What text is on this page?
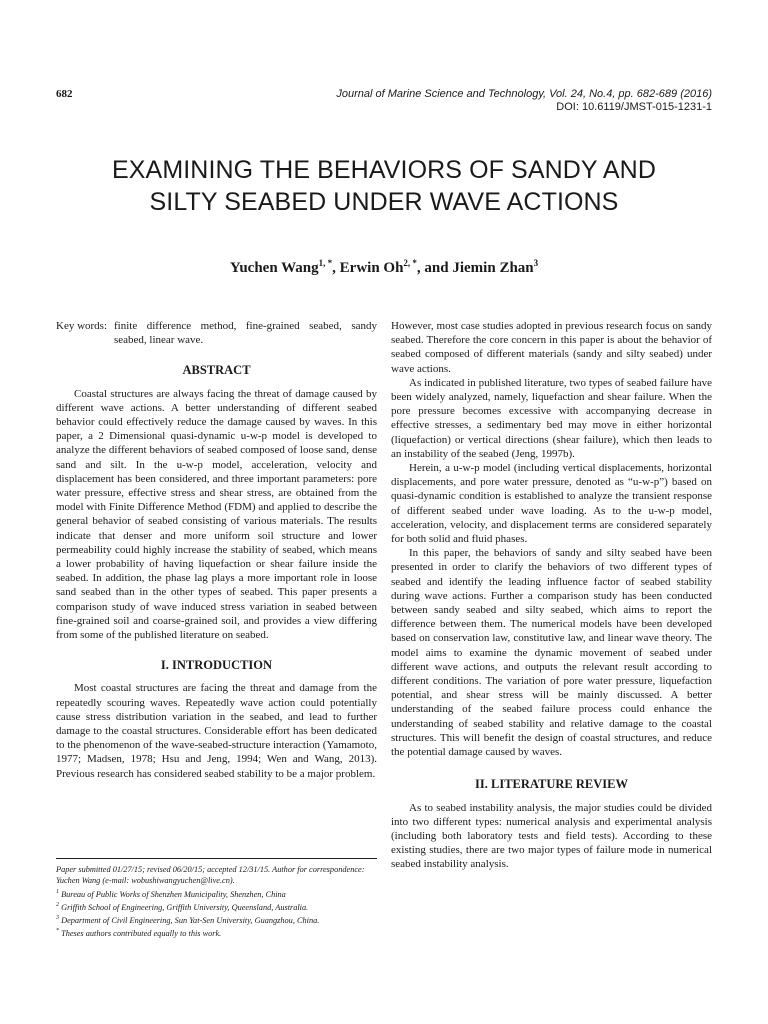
682	Journal of Marine Science and Technology, Vol. 24, No.4, pp. 682-689 (2016)
DOI: 10.6119/JMST-015-1231-1
EXAMINING THE BEHAVIORS OF SANDY AND
SILTY SEABED UNDER WAVE ACTIONS
Yuchen Wang$^{1, *}$, Erwin $Oh^{2, *}$, and Jiemin Zhan$^3$
Key words: finite difference method, fine-grained seabed, sandy seabed, linear wave.
ABSTRACT

Coastal structures are always facing the threat of damage caused by different wave actions. A better understanding of different seabed behavior could effectively reduce the damage caused by waves. In this paper, a 2 Dimensional quasi-dynamic u-w-p model is developed to analyze the different behaviors of seabed composed of loose sand, dense sand and silt. In the u-w-p model, acceleration, velocity and displacement has been considered, and three important parameters: pore water pressure, effective stress and shear stress, are obtained from the model with Finite Difference Method (FDM) and applied to describe the general behavior of seabed consisting of various materials. The results indicate that denser and more uniform soil structure and lower permeability could highly increase the stability of seabed, which means a lower probability of having liquefaction or shear failure inside the seabed. In addition, the phase lag plays a more important role in loose sand seabed than in the other types of seabed. This paper presents a comparison study of wave induced stress variation in seabed between fine-grained soil and coarse-grained soil, and provides a view differing from some of the published literature on seabed.

I. INTRODUCTION

Most coastal structures are facing the threat and damage from the repeatedly scouring waves. Repeatedly wave action could potentially cause stress distribution variation in the seabed, and lead to further damage to the coastal structures. Considerable effort has been dedicated to the phenomenon of the wave-seabed-structure interaction (Yamamoto, 1977; Madsen, 1978; Hsu and Jeng, 1994; Wen and Wang, 2013). Previous research has considered seabed stability to be a major problem.

However, most case studies adopted in previous research focus on sandy seabed. Therefore the core concern in this paper is about the behavior of seabed composed of different materials (sandy and silty seabed) under wave actions.

As indicated in published literature, two types of seabed failure have been widely analyzed, namely, liquefaction and shear failure. When the pore pressure becomes excessive with accompanying decrease in effective stresses, a sedimentary bed may move in either horizontal (liquefaction) or vertical directions (shear failure), which then leads to an instability of the seabed (Jeng, 1997b).

Herein, a u-w-p model (including vertical displacements, horizontal displacements, and pore water pressure, denoted as “u-w-p”) based on quasi-dynamic condition is established to analyze the transient response of different seabed under wave loading. As to the u-w-p model, acceleration, velocity, and displacement terms are considered separately for both solid and fluid phases.

In this paper, the behaviors of sandy and silty seabed have been presented in order to clarify the behaviors of two different types of seabed and identify the leading influence factor of seabed stability during wave actions. Further a comparison study has been conducted between sandy seabed and silty seabed, which aims to report the difference between them. The numerical models have been developed based on conservation law, constitutive law, and linear wave theory. The model aims to examine the dynamic movement of seabed under different wave actions, and outputs the relevant result according to different conditions. The variation of pore water pressure, liquefaction potential, and shear stress will be mainly discussed. A better understanding of the seabed failure process could enhance the understanding of seabed stability and relative damage to the coastal structures. This will benefit the design of coastal structures, and reduce the potential damage caused by waves.

II. LITERATURE REVIEW

As to seabed instability analysis, the major studies could be divided into two different types: numerical analysis and experimental analysis (including both laboratory tests and field tests). According to these existing studies, there are two major types of failure mode in numerical seabed instability analysis.

Paper submitted 01/27/15; revised 06/20/15; accepted 12/31/15. Author for correspondence: Yuchen Wang (e-mail: wobushiwangyuchen@live.cn).
$^1$ Bureau of Public Works of Shenzhen Municipality, Shenzhen, China
$^2$ Griffith School of Engineering, Griffith University, Queensland, Australia.
$^3$ Department of Civil Engineering, Sun Yat-Sen University, Guangzhou, China.
* Theses authors contributed equally to this work.
